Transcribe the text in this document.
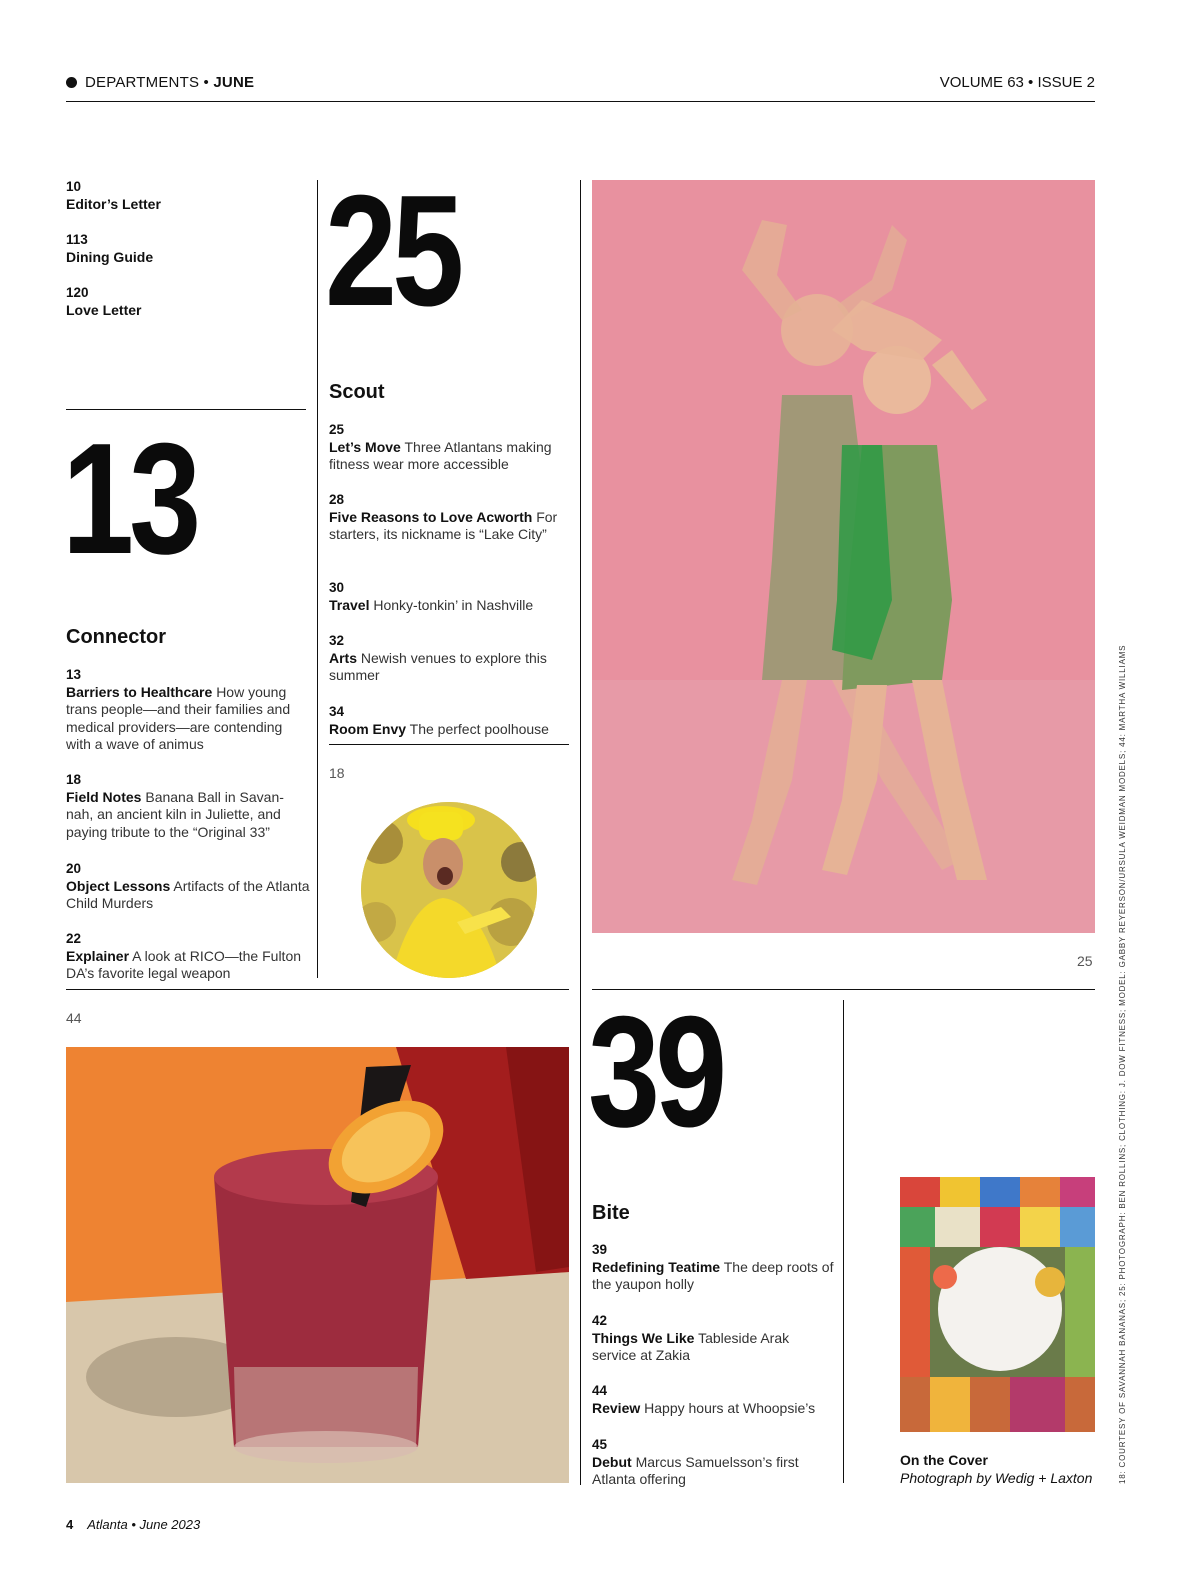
DEPARTMENTS • JUNE	VOLUME 63 • ISSUE 2
10
Editor’s Letter
113
Dining Guide
120
Love Letter
13
Connector
13
Barriers to Healthcare How young trans people—and their families and medical providers—are contending with a wave of animus
18
Field Notes Banana Ball in Savan-nah, an ancient kiln in Juliette, and paying tribute to the “Original 33”
20
Object Lessons Artifacts of the Atlanta Child Murders
22
Explainer A look at RICO—the Fulton DA’s favorite legal weapon
25
Scout
25
Let’s Move Three Atlantans making fitness wear more accessible
28
Five Reasons to Love Acworth For starters, its nickname is “Lake City”
30
Travel Honky-tonkin’ in Nashville
32
Arts Newish venues to explore this summer
34
Room Envy The perfect poolhouse
18
25
44	39
Bite
39
Redefining Teatime The deep roots of the yaupon holly
42
Things We Like Tableside Arak service at Zakia
44
Review Happy hours at Whoopsie’s
45
Debut Marcus Samuelsson’s first Atlanta offering
On the Cover
Photograph by Wedig + Laxton	18: COURTESY OF SAVANNAH BANANAS; 25: PHOTOGRAPH: BEN ROLLINS; CLOTHING: J. DOW FITNESS; MODEL: GABBY REYERSON/URSULA WEIDMAN MODELS; 44: MARTHA WILLIAMS
4 Atlanta • June 2023
